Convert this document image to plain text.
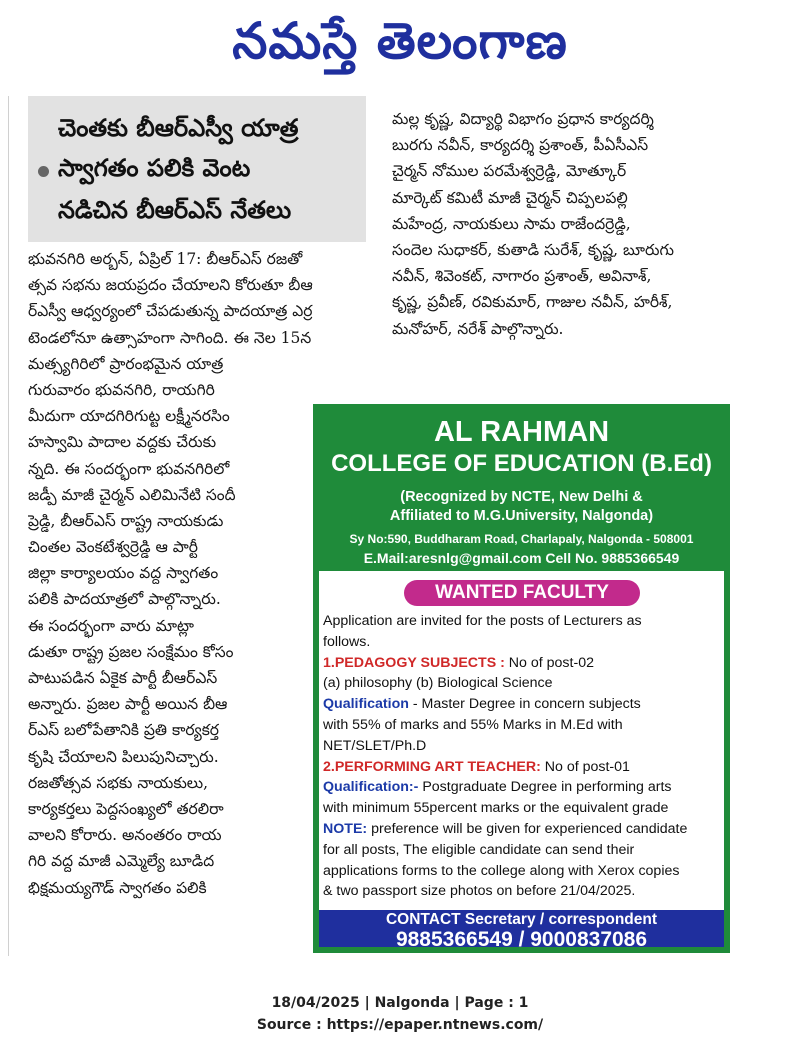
నమస్తే తెలంగాణ
చెంతకు బీఆర్ఎస్వీ యాత్ర
స్వాగతం పలికి వెంట
నడిచిన బీఆర్ఎస్ నేతలు
భువనగిరి అర్బన్, ఏప్రిల్ 17: బీఆర్ఎస్ రజతో
త్సవ సభను జయప్రదం చేయాలని కోరుతూ బీఆ
ర్ఎస్వీ ఆధ్వర్యంలో చేపడుతున్న పాదయాత్ర ఎర్ర
టెండలోనూ ఉత్సాహంగా సాగింది. ఈ నెల 15న
మత్స్యగిరిలో ప్రారంభమైన యాత్ర
గురువారం భువనగిరి, రాయగిరి
మీదుగా యాదగిరిగుట్ట లక్ష్మీనరసిం
హస్వామి పాదాల వద్దకు చేరుకు
న్నది. ఈ సందర్భంగా భువనగిరిలో
జడ్పీ మాజీ చైర్మన్ ఎలిమినేటి సందీ
ప్రెడ్డి, బీఆర్ఎస్ రాష్ట్ర నాయకుడు
చింతల వెంకటేశ్వర్రెడ్డి ఆ పార్టీ
జిల్లా కార్యాలయం వద్ద స్వాగతం
పలికి పాదయాత్రలో పాల్గొన్నారు.
ఈ సందర్భంగా వారు మాట్లా
డుతూ రాష్ట్ర ప్రజల సంక్షేమం కోసం
పాటుపడిన ఏకైక పార్టీ బీఆర్ఎస్
అన్నారు. ప్రజల పార్టీ అయిన బీఆ
ర్ఎస్ బలోపేతానికి ప్రతి కార్యకర్త
కృషి చేయాలని పిలుపునిచ్చారు.
రజతోత్సవ సభకు నాయకులు,
కార్యకర్తలు పెద్దసంఖ్యలో తరలిరా
వాలని కోరారు. అనంతరం రాయ
గిరి వద్ద మాజీ ఎమ్మెల్యే బూడిద
భిక్షమయ్యగౌడ్ స్వాగతం పలికి
మల్ల కృష్ణ, విద్యార్థి విభాగం ప్రధాన కార్యదర్శి
బురగు నవీన్, కార్యదర్శి ప్రశాంత్, పీఏసీఎస్
చైర్మన్ నోముల పరమేశ్వర్రెడ్డి, మోత్కూర్
మార్కెట్ కమిటీ మాజీ చైర్మన్ చిప్పలపల్లి
మహేంద్ర, నాయకులు సామ రాజేందర్రెడ్డి,
సందెల సుధాకర్, కుతాడి సురేశ్, కృష్ణ, బూరుగు
నవీన్, శివెంకట్, నాగారం ప్రశాంత్, అవినాశ్,
కృష్ణ, ప్రవీణ్, రవికుమార్, గాజుల నవీన్, హరీశ్,
మనోహర్, నరేశ్ పాల్గొన్నారు.
AL RAHMAN
COLLEGE OF EDUCATION (B.Ed)
(Recognized by NCTE, New Delhi &
Affiliated to M.G.University, Nalgonda)
Sy No:590, Buddharam Road, Charlapaly, Nalgonda - 508001
E.Mail:aresnlg@gmail.com Cell No. 9885366549
WANTED FACULTY
Application are invited for the posts of Lecturers as
follows.
1.PEDAGOGY SUBJECTS : No of post-02
(a) philosophy (b) Biological Science
Qualification - Master Degree in concern subjects
with 55% of marks and 55% Marks in M.Ed with
NET/SLET/Ph.D
2.PERFORMING ART TEACHER: No of post-01
Qualification:- Postgraduate Degree in performing arts
with minimum 55percent marks or the equivalent grade
NOTE: preference will be given for experienced candidate
for all posts, The eligible candidate can send their
applications forms to the college along with Xerox copies
& two passport size photos on before 21/04/2025.
CONTACT Secretary / correspondent
9885366549 / 9000837086
18/04/2025 | Nalgonda | Page : 1
Source : https://epaper.ntnews.com/
